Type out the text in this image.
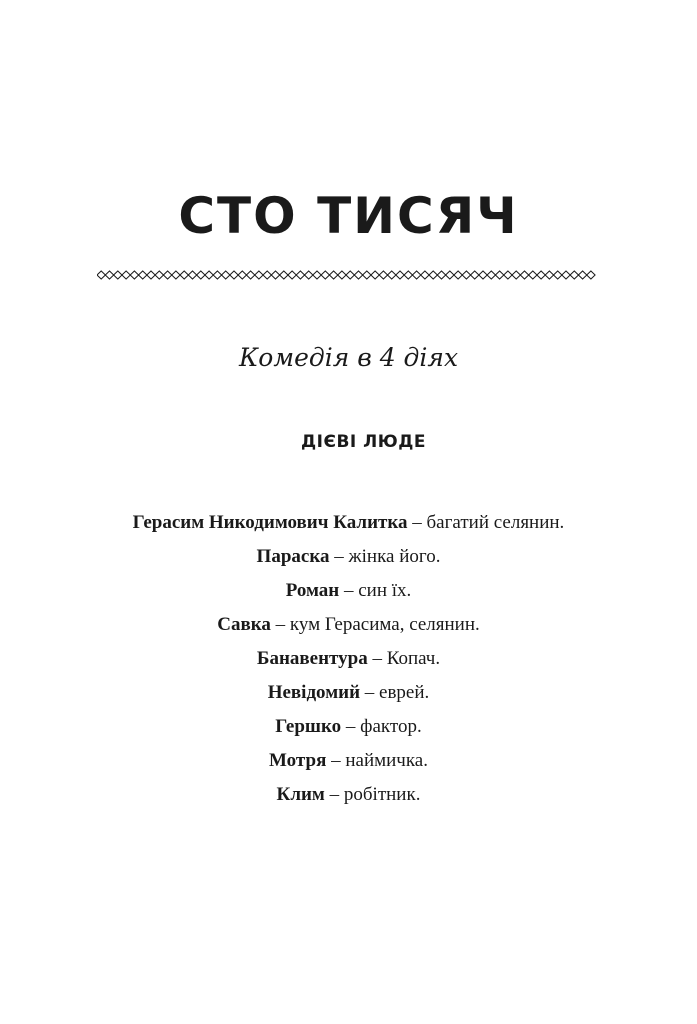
СТО ТИСЯЧ

Комедія в 4 діях

ДІЄВІ ЛЮДЕ
Герасим Никодимович Калитка – багатий селянин.
Параска – жінка його.
Роман – син їх.
Савка – кум Герасима, селянин.
Банавентура – Копач.
Невідомий – еврей.
Гершко – фактор.
Мотря – наймичка.
Клим – робітник.
